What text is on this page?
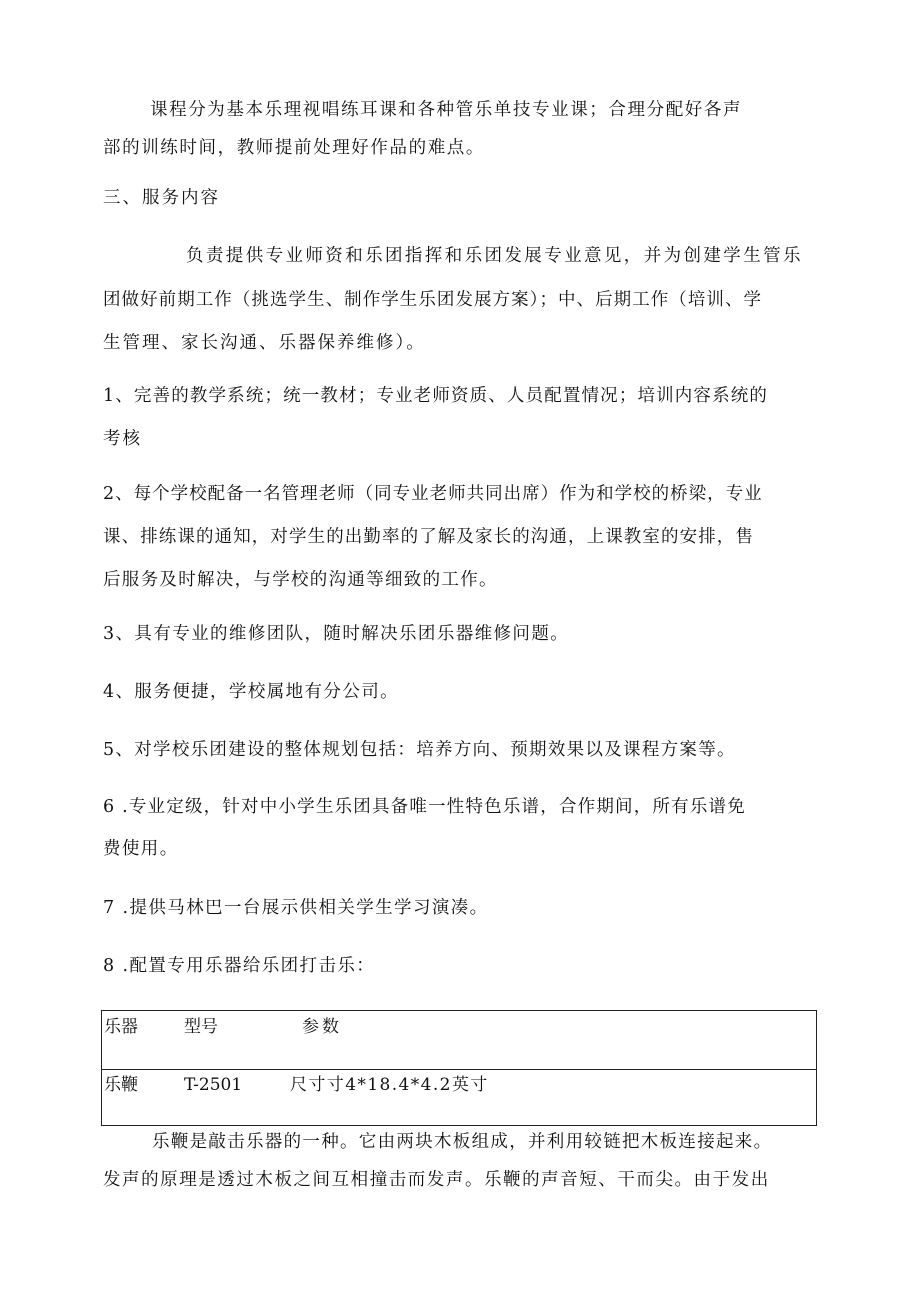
课程分为基本乐理视唱练耳课和各种管乐单技专业课；合理分配好各声
部的训练时间，教师提前处理好作品的难点。
三、服务内容
负责提供专业师资和乐团指挥和乐团发展专业意见，并为创建学生管乐
团做好前期工作（挑选学生、制作学生乐团发展方案）；中、后期工作（培训、学
生管理、家长沟通、乐器保养维修）。
1、完善的教学系统；统一教材；专业老师资质、人员配置情况；培训内容系统的
考核
2、每个学校配备一名管理老师（同专业老师共同出席）作为和学校的桥梁，专业
课、排练课的通知，对学生的出勤率的了解及家长的沟通，上课教室的安排，售
后服务及时解决，与学校的沟通等细致的工作。
3、具有专业的维修团队，随时解决乐团乐器维修问题。
4、服务便捷，学校属地有分公司。
5、对学校乐团建设的整体规划包括：培养方向、预期效果以及课程方案等。
6 .专业定级，针对中小学生乐团具备唯一性特色乐谱，合作期间，所有乐谱免
费使用。
7 .提供马林巴一台展示供相关学生学习演凑。
8 .配置专用乐器给乐团打击乐：
乐器	型号	参数
乐鞭	T-2501	尺寸寸4*18.4*4.2英寸
乐鞭是敲击乐器的一种。它由两块木板组成，并利用较链把木板连接起来。
发声的原理是透过木板之间互相撞击而发声。乐鞭的声音短、干而尖。由于发出
